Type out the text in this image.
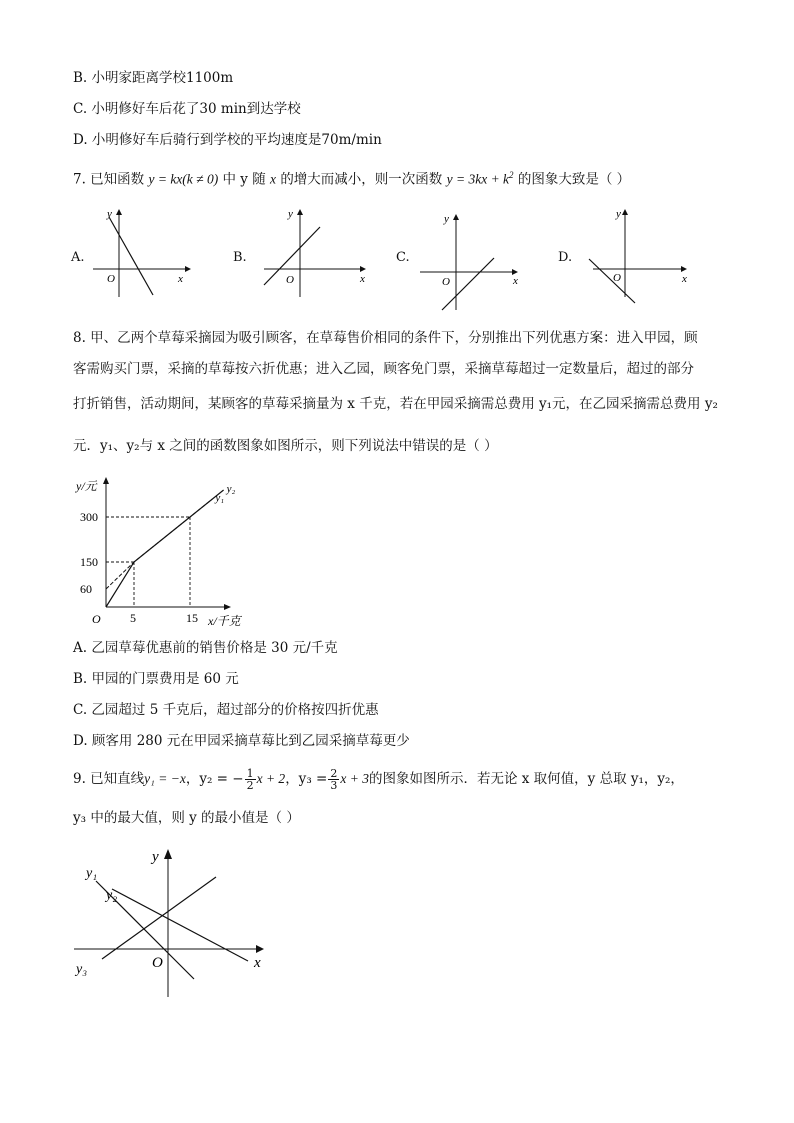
B. 小明家距离学校1100m
C. 小明修好车后花了30 min到达学校
D. 小明修好车后骑行到学校的平均速度是70m/min
7. 已知函数 y = kx(k ≠ 0) 中 y 随 x 的增大而减小，则一次函数 $y = 3kx + k^2$ 的图象大致是（ ）
A.
y
x
O
B.
y
x
O
C.
y
x
O
D.
y
x
O
8. 甲、乙两个草莓采摘园为吸引顾客，在草莓售价相同的条件下，分别推出下列优惠方案：进入甲园，顾
客需购买门票，采摘的草莓按六折优惠；进入乙园，顾客免门票，采摘草莓超过一定数量后，超过的部分
打折销售，活动期间，某顾客的草莓采摘量为 x 千克，若在甲园采摘需总费用 y₁元，在乙园采摘需总费用 y₂
元．y₁、y₂与 x 之间的函数图象如图所示，则下列说法中错误的是（ ）
y/元
x/千克
O
y₁
y₂
5	15
60
150
300
A. 乙园草莓优惠前的销售价格是 30 元/千克
B. 甲园的门票费用是 60 元
C. 乙园超过 5 千克后，超过部分的价格按四折优惠
D. 顾客用 280 元在甲园采摘草莓比到乙园采摘草莓更少
9. 已知直线y₁ = −x，y₂ = − $\frac{1}{2}$ x + 2，$y_3 = \frac{2}{3}$ x + 3的图象如图所示．若无论 x 取何值，y 总取 y₁，y₂，
y₃ 中的最大值，则 y 的最小值是（ ）
y
x
O
y₁
y₂
y₃
